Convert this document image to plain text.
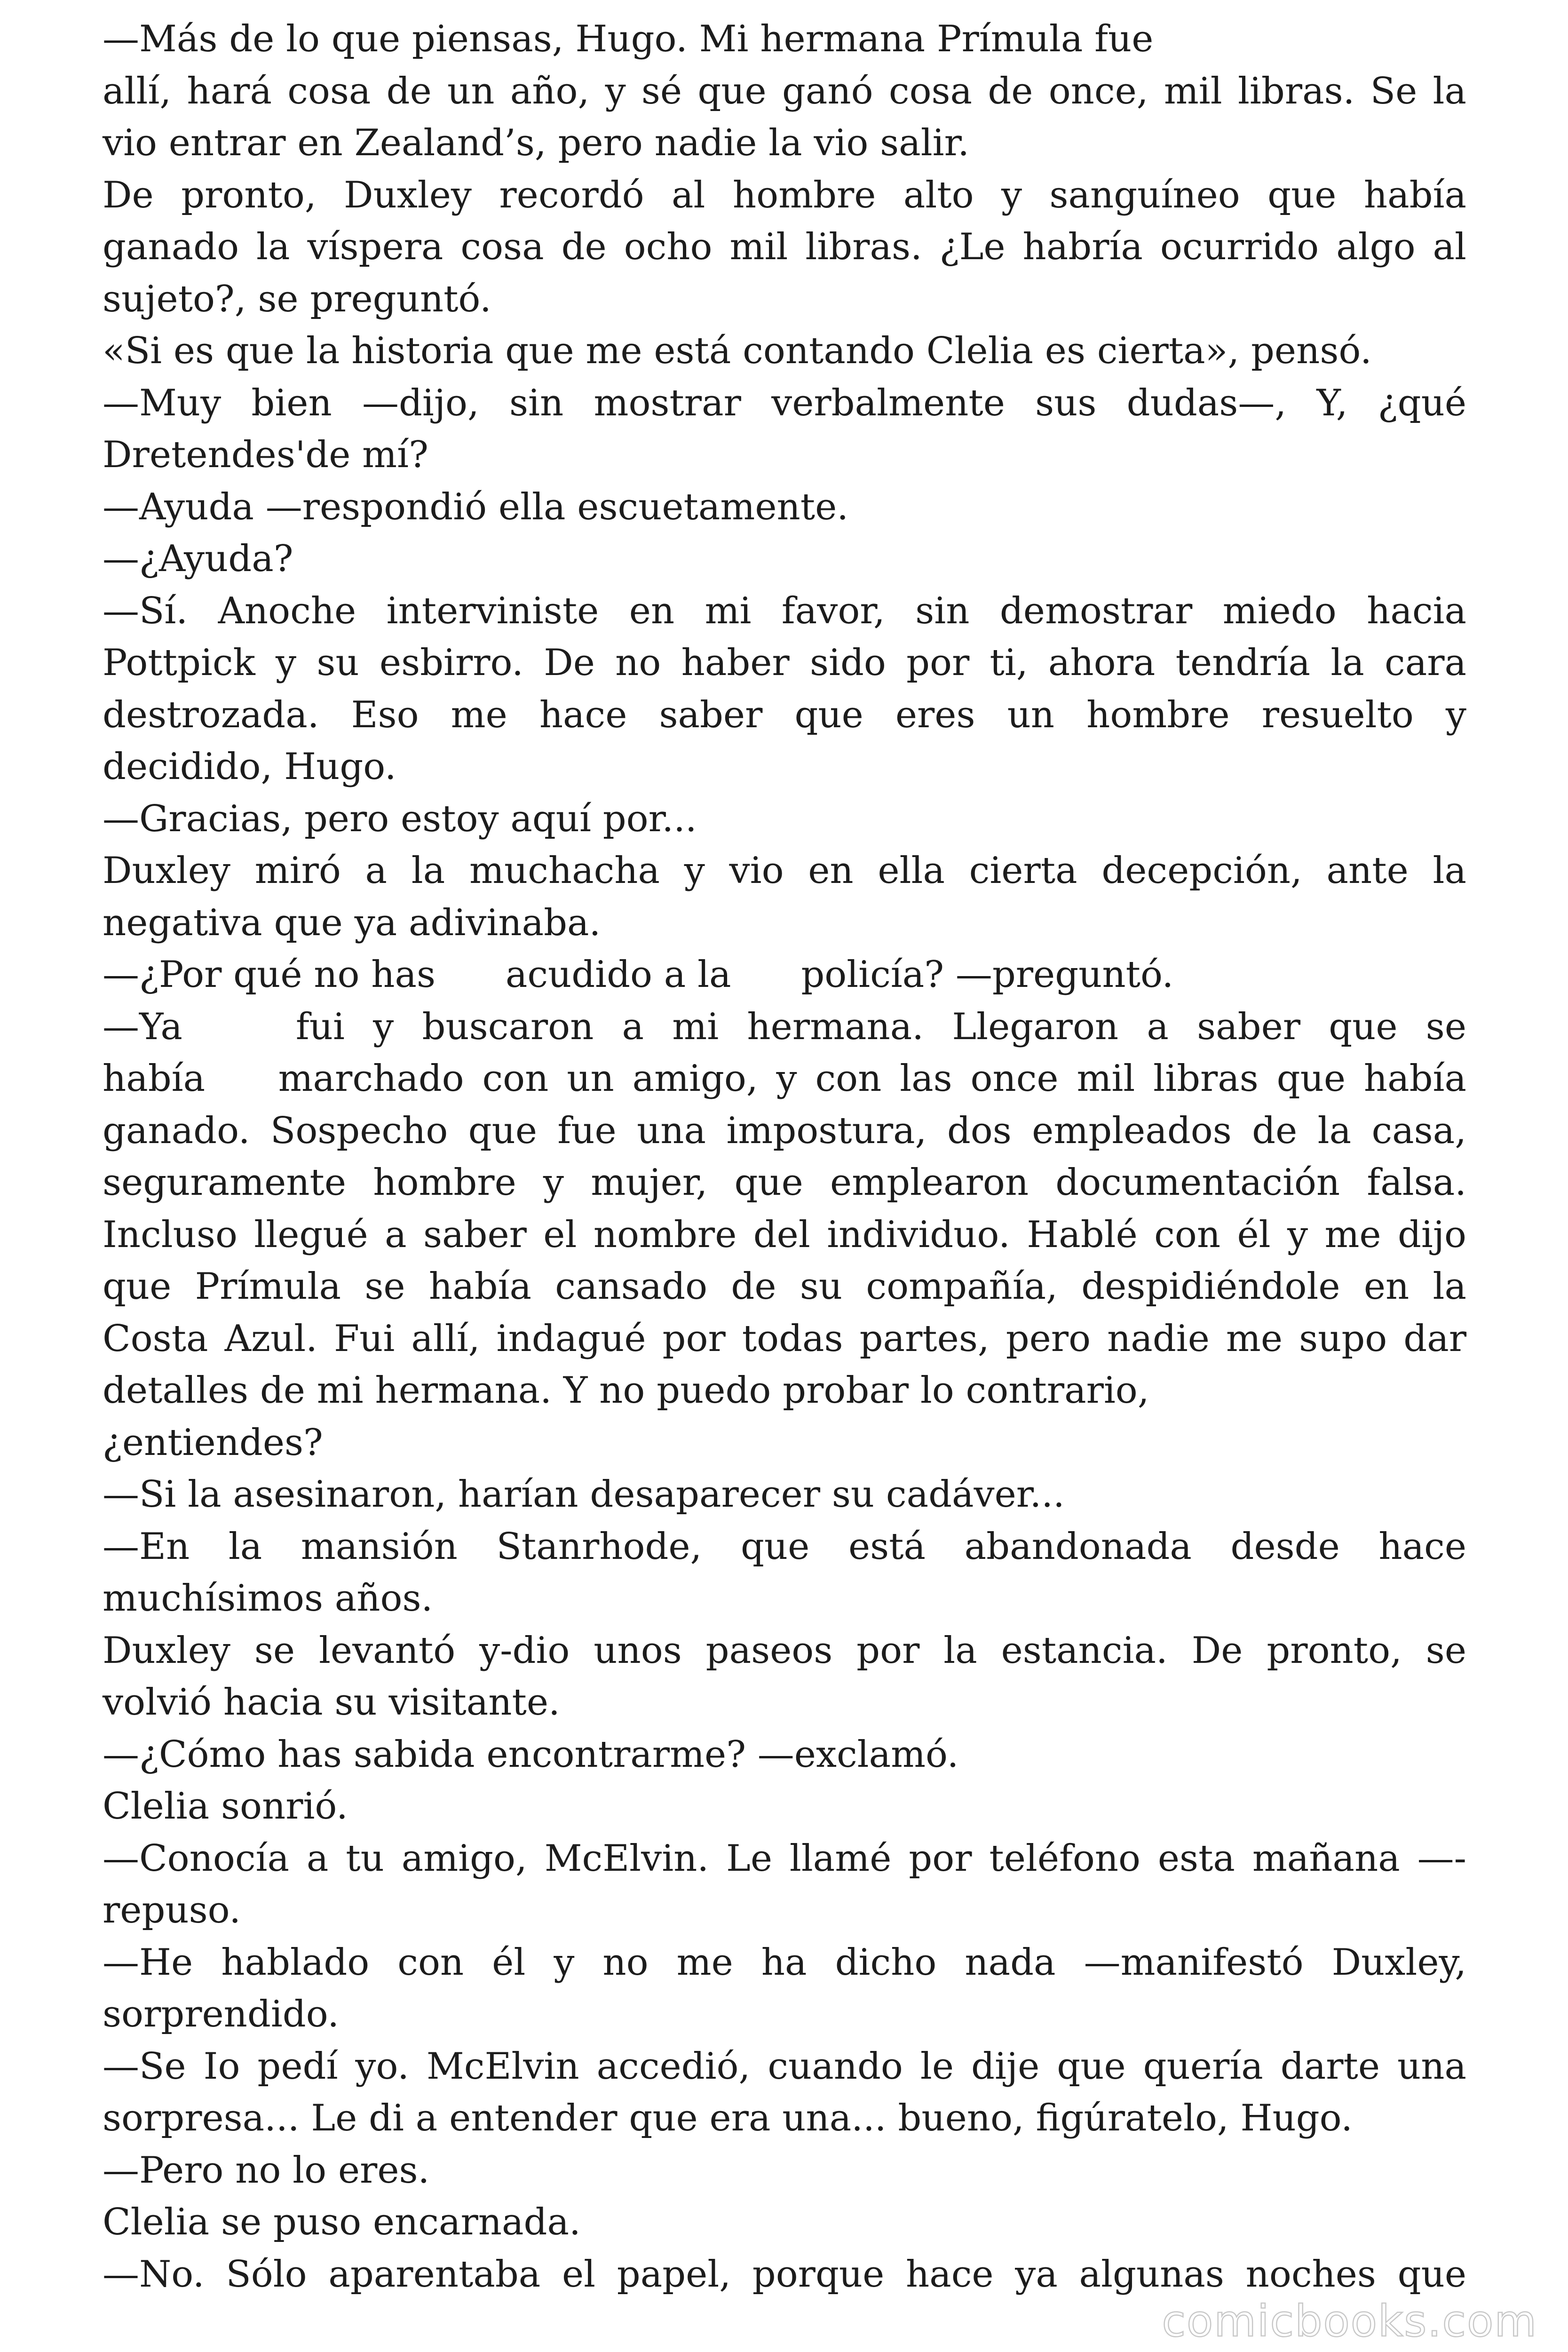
—Más de lo que piensas, Hugo. Mi hermana Prímula fue

allí, hará cosa de un año, y sé que ganó cosa de once, mil libras. Se la

vio entrar en Zealand’s, pero nadie la vio salir.

De pronto, Duxley recordó al hombre alto y sanguíneo que había

ganado la víspera cosa de ocho mil libras. ¿Le habría ocurrido algo al

sujeto?, se preguntó.

«Si es que la historia que me está contando Clelia es cierta», pensó.

—Muy bien —dijo, sin mostrar verbalmente sus dudas—, Y, ¿qué

Dretendes'de mí?

—Ayuda —respondió ella escuetamente.

—¿Ayuda?

—Sí. Anoche interviniste en mi favor, sin demostrar miedo hacia

Pottpick y su esbirro. De no haber sido por ti, ahora tendría la cara

destrozada. Eso me hace saber que eres un hombre resuelto y

decidido, Hugo.

—Gracias, pero estoy aquí por...

Duxley miró a la muchacha y vio en ella cierta decepción, ante la

negativa que ya adivinaba.

—¿Por qué no has      acudido a la      policía? —preguntó.

—Ya    fui y buscaron a mi hermana. Llegaron a saber que se

había    marchado con un amigo, y con las once mil libras que había

ganado. Sospecho que fue una impostura, dos empleados de la casa,

seguramente hombre y mujer, que emplearon documentación falsa.

Incluso llegué a saber el nombre del individuo. Hablé con él y me dijo

que Prímula se había cansado de su compañía, despidiéndole en la

Costa Azul. Fui allí, indagué por todas partes, pero nadie me supo dar

detalles de mi hermana. Y no puedo probar lo contrario,

¿entiendes?

—Si la asesinaron, harían desaparecer su cadáver...

—En la mansión Stanrhode, que está abandonada desde hace

muchísimos años.

Duxley se levantó y-dio unos paseos por la estancia. De pronto, se

volvió hacia su visitante.

—¿Cómo has sabida encontrarme? —exclamó.

Clelia sonrió.

—Conocía a tu amigo, McElvin. Le llamé por teléfono esta mañana —-

repuso.

—He hablado con él y no me ha dicho nada —manifestó Duxley,

sorprendido.

—Se Io pedí yo. McElvin accedió, cuando le dije que quería darte una

sorpresa... Le di a entender que era una... bueno, figúratelo, Hugo.

—Pero no lo eres.

Clelia se puso encarnada.

—No. Sólo aparentaba el papel, porque hace ya algunas noches que

comicbooks.com
